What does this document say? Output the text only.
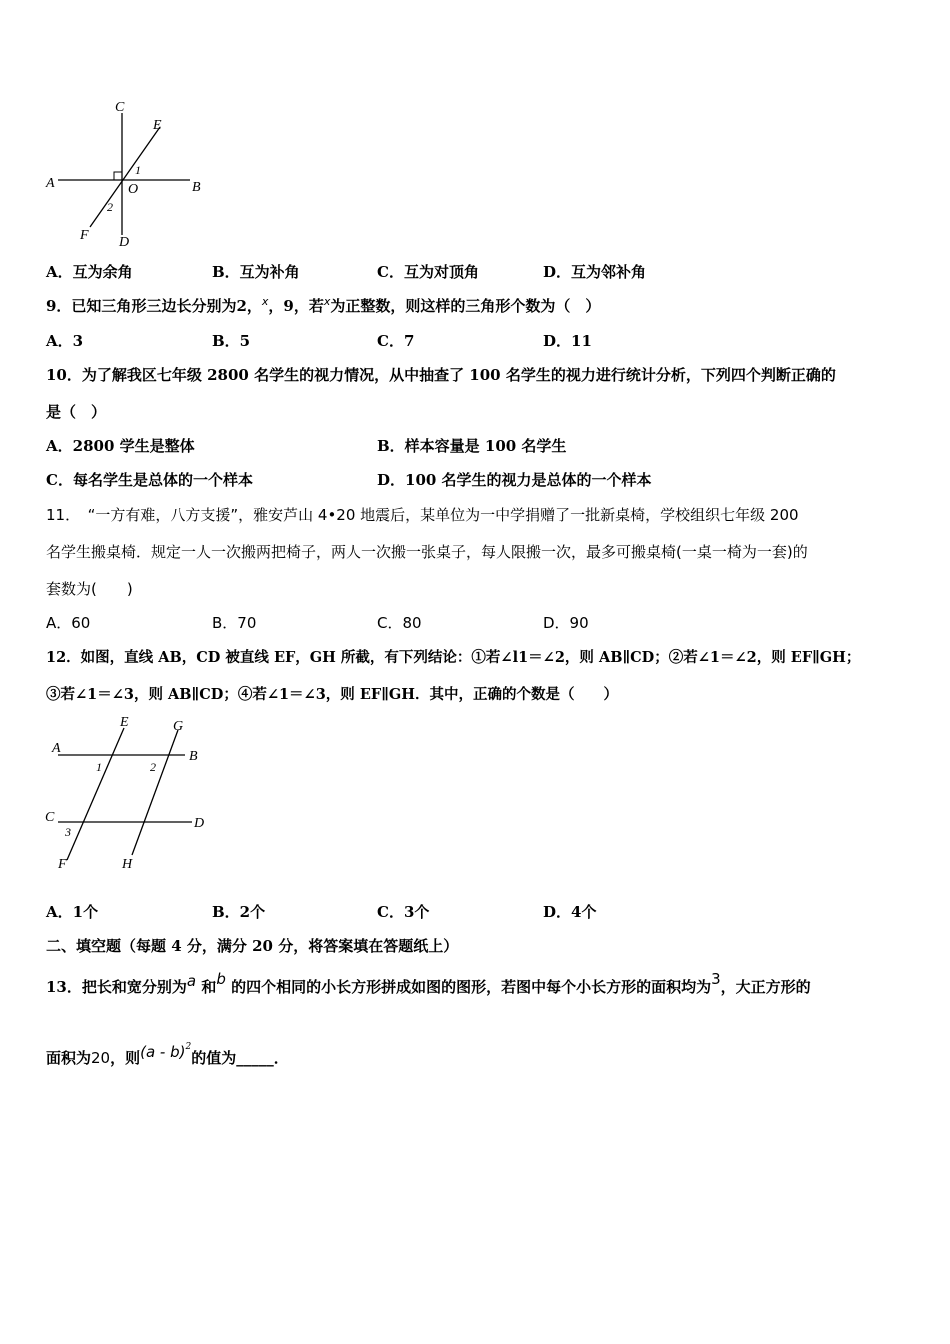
C
E
A	O	B
1
2
F D
A．互为余角	B．互为补角	C．互为对顶角	D．互为邻补角
9．已知三角形三边长分别为2，$^x$，9，若$^x$为正整数，则这样的三角形个数为（　）
A．3	B．5	C．7	D．11
10．为了解我区七年级 2800 名学生的视力情况，从中抽查了 100 名学生的视力进行统计分析，下列四个判断正确的
是（　）
A．2800 学生是整体	B．样本容量是 100 名学生
C．每名学生是总体的一个样本	D．100 名学生的视力是总体的一个样本
11．　“一方有难，八方支援”，雅安芦山 4•20 地震后，某单位为一中学捐赠了一批新桌椅，学校组织七年级 200
名学生搬桌椅．规定一人一次搬两把椅子，两人一次搬一张桌子，每人限搬一次，最多可搬桌椅(一桌一椅为一套)的
套数为(　　)
A．60	B．70	C．80	D．90
12．如图，直线 AB，CD 被直线 EF，GH 所截，有下列结论：①若∠l1＝∠2，则 AB∥CD；②若∠1＝∠2，则 EF∥GH；
③若∠1＝∠3，则 AB∥CD；④若∠1＝∠3，则 EF∥GH．其中，正确的个数是（　　）
E	G
A
B
1	2
C	D
3
F	H
A．1个	B．2个	C．3个	D．4个
二、填空题（每题 4 分，满分 20 分，将答案填在答题纸上）
13．把长和宽分别为a 和b 的四个相同的小长方形拼成如图的图形，若图中每个小长方形的面积均为3，大正方形的
面积为20，则(a - b)$^2$的值为_____．
